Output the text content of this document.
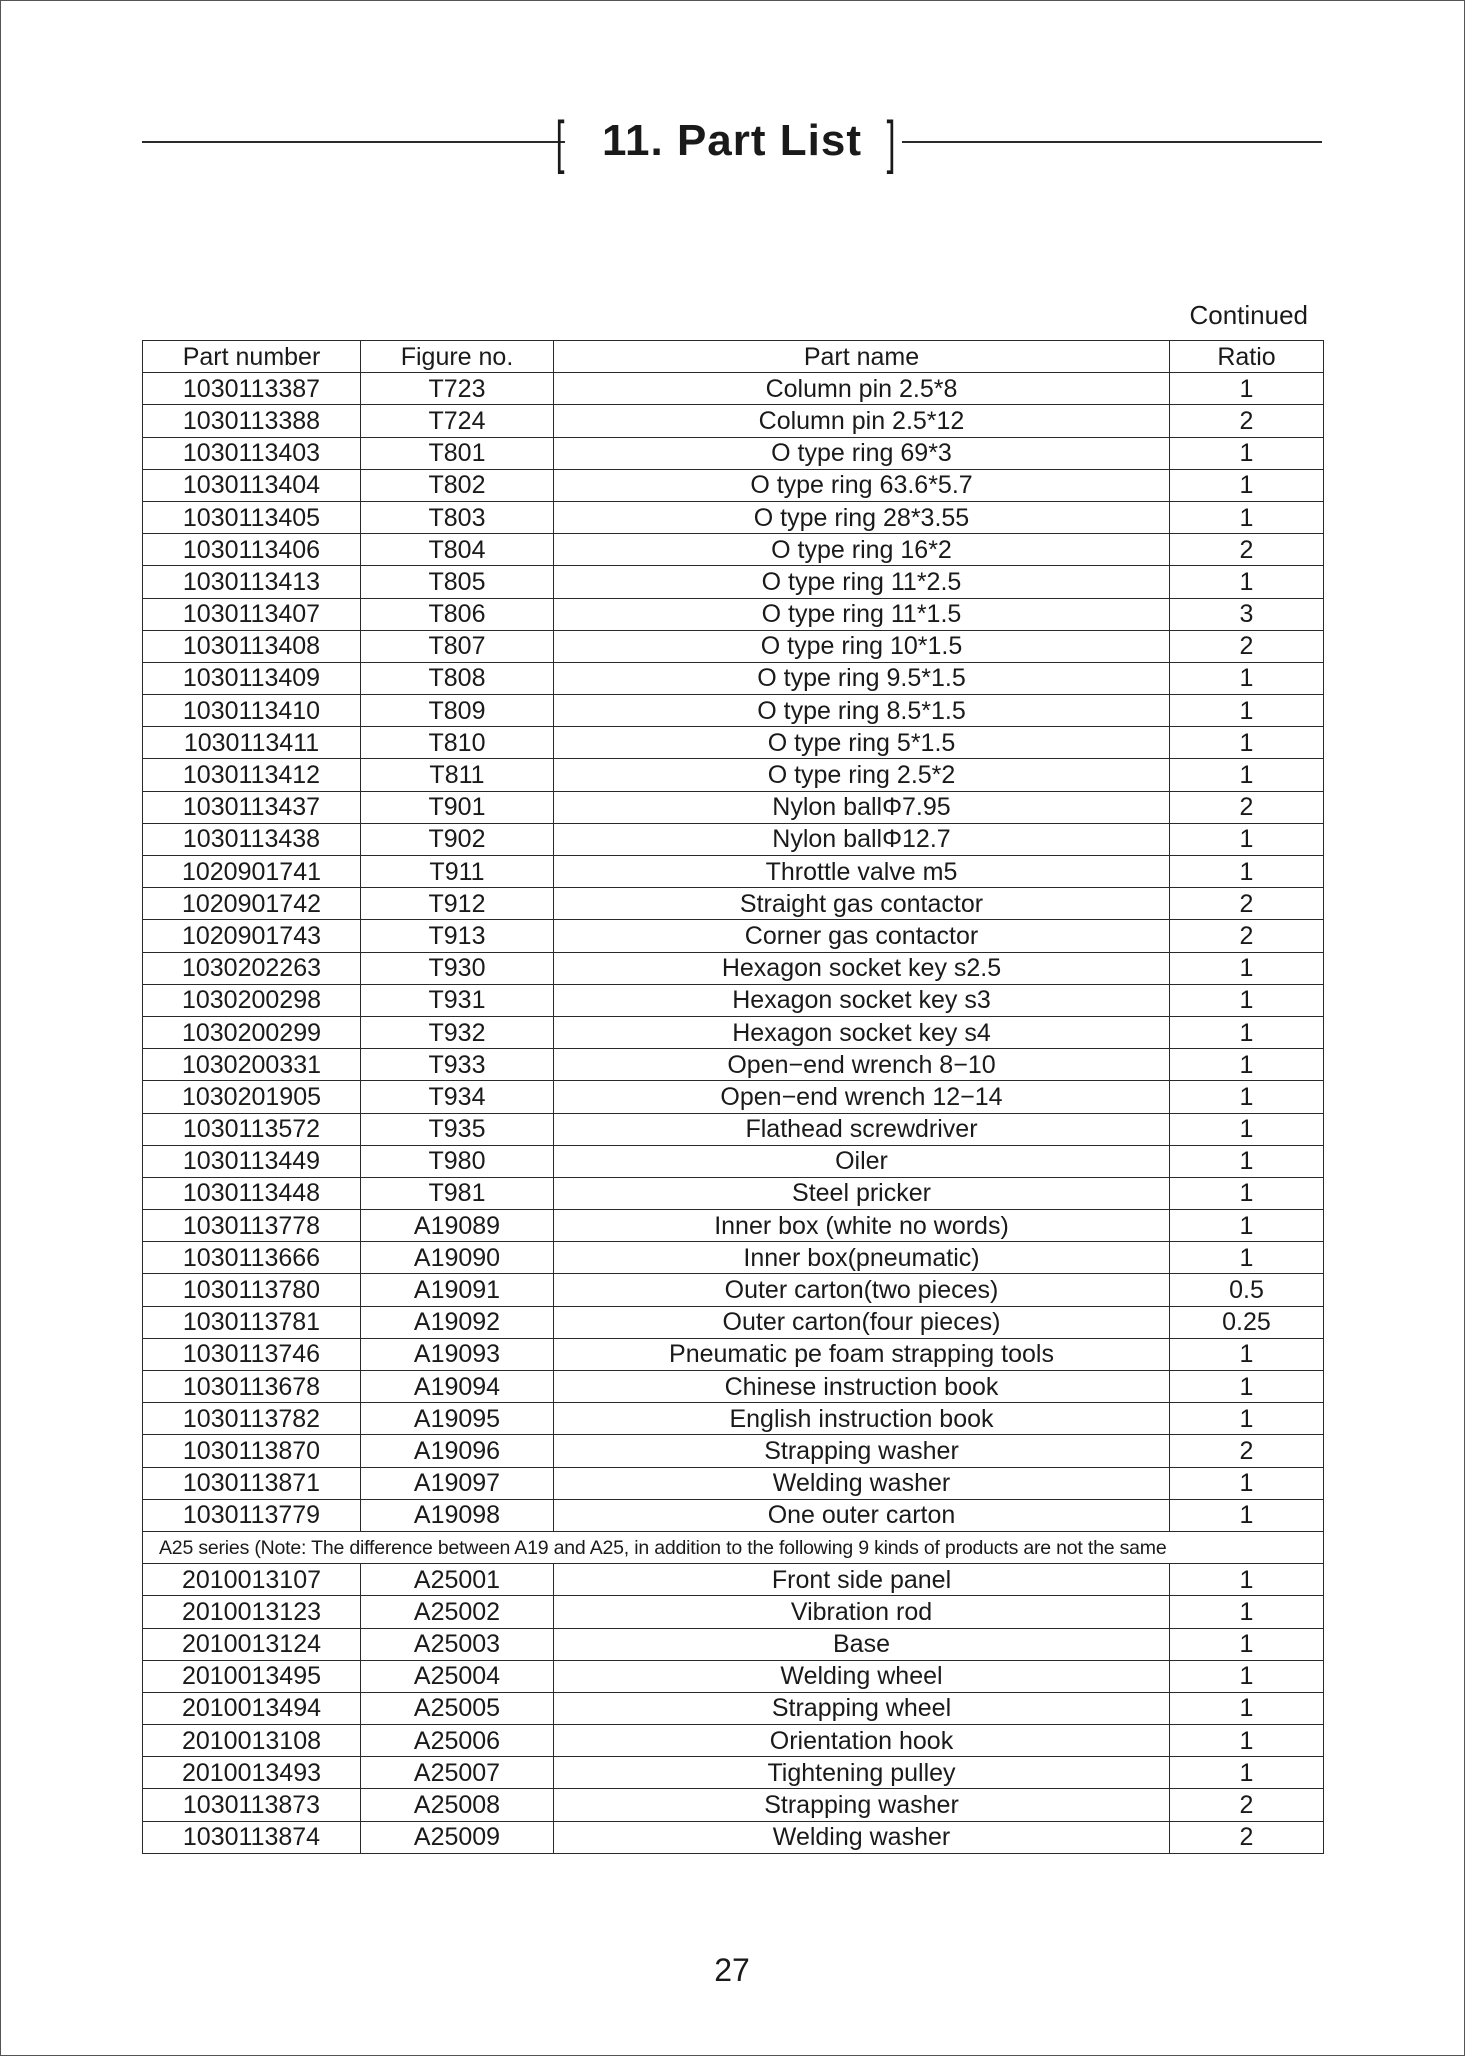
[ 11. Part List ]
Continued
Part number	Figure no.	Part name	Ratio
1030113387	T723	Column pin 2.5*8	1
1030113388	T724	Column pin 2.5*12	2
1030113403	T801	O type ring 69*3	1
1030113404	T802	O type ring 63.6*5.7	1
1030113405	T803	O type ring 28*3.55	1
1030113406	T804	O type ring 16*2	2
1030113413	T805	O type ring 11*2.5	1
1030113407	T806	O type ring 11*1.5	3
1030113408	T807	O type ring 10*1.5	2
1030113409	T808	O type ring 9.5*1.5	1
1030113410	T809	O type ring 8.5*1.5	1
1030113411	T810	O type ring 5*1.5	1
1030113412	T811	O type ring 2.5*2	1
1030113437	T901	Nylon ballΦ7.95	2
1030113438	T902	Nylon ballΦ12.7	1
1020901741	T911	Throttle valve m5	1
1020901742	T912	Straight gas contactor	2
1020901743	T913	Corner gas contactor	2
1030202263	T930	Hexagon socket key s2.5	1
1030200298	T931	Hexagon socket key s3	1
1030200299	T932	Hexagon socket key s4	1
1030200331	T933	Open−end wrench 8−10	1
1030201905	T934	Open−end wrench 12−14	1
1030113572	T935	Flathead screwdriver	1
1030113449	T980	Oiler	1
1030113448	T981	Steel pricker	1
1030113778	A19089	Inner box (white no words)	1
1030113666	A19090	Inner box(pneumatic)	1
1030113780	A19091	Outer carton(two pieces)	0.5
1030113781	A19092	Outer carton(four pieces)	0.25
1030113746	A19093	Pneumatic pe foam strapping tools	1
1030113678	A19094	Chinese instruction book	1
1030113782	A19095	English instruction book	1
1030113870	A19096	Strapping washer	2
1030113871	A19097	Welding washer	1
1030113779	A19098	One outer carton	1
A25 series (Note: The difference between A19 and A25, in addition to the following 9 kinds of products are not the same			
2010013107	A25001	Front side panel	1
2010013123	A25002	Vibration rod	1
2010013124	A25003	Base	1
2010013495	A25004	Welding wheel	1
2010013494	A25005	Strapping wheel	1
2010013108	A25006	Orientation hook	1
2010013493	A25007	Tightening pulley	1
1030113873	A25008	Strapping washer	2
1030113874	A25009	Welding washer	2
27
